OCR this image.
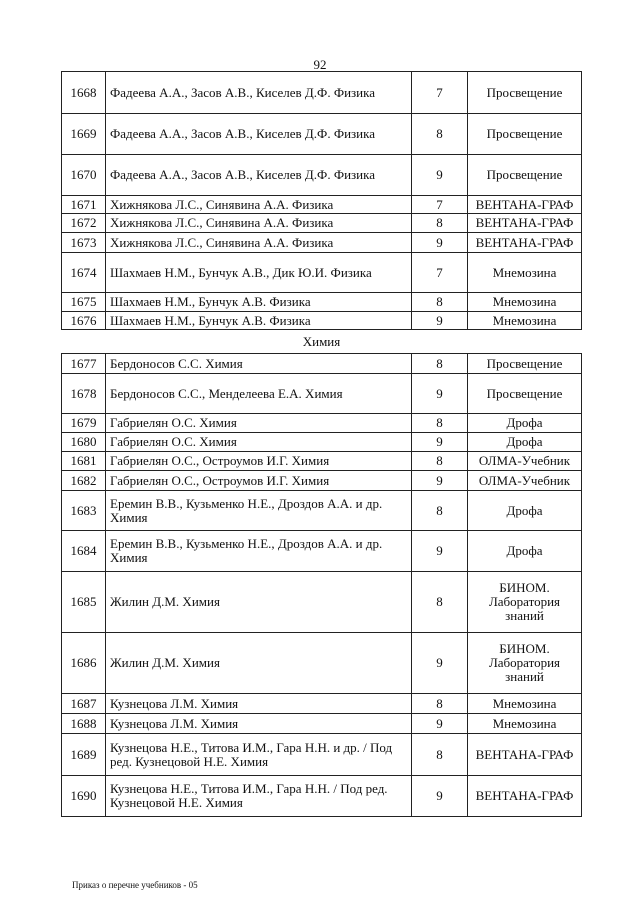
92
1668	Фадеева А.А., Засов А.В., Киселев Д.Ф. Физика	7	Просвещение
1669	Фадеева А.А., Засов А.В., Киселев Д.Ф. Физика	8	Просвещение
1670	Фадеева А.А., Засов А.В., Киселев Д.Ф. Физика	9	Просвещение
1671	Хижнякова Л.С., Синявина А.А. Физика	7	ВЕНТАНА-ГРАФ
1672	Хижнякова Л.С., Синявина А.А. Физика	8	ВЕНТАНА-ГРАФ
1673	Хижнякова Л.С., Синявина А.А. Физика	9	ВЕНТАНА-ГРАФ
1674	Шахмаев Н.М., Бунчук А.В., Дик Ю.И. Физика	7	Мнемозина
1675	Шахмаев Н.М., Бунчук А.В. Физика	8	Мнемозина
1676	Шахмаев Н.М., Бунчук А.В. Физика	9	Мнемозина
Химия			
1677	Бердоносов С.С. Химия	8	Просвещение
1678	Бердоносов С.С., Менделеева Е.А. Химия	9	Просвещение
1679	Габриелян О.С. Химия	8	Дрофа
1680	Габриелян О.С. Химия	9	Дрофа
1681	Габриелян О.С., Остроумов И.Г. Химия	8	ОЛМА-Учебник
1682	Габриелян О.С., Остроумов И.Г. Химия	9	ОЛМА-Учебник
1683	Еремин В.В., Кузьменко Н.Е., Дроздов А.А. и др. Химия	8	Дрофа
1684	Еремин В.В., Кузьменко Н.Е., Дроздов А.А. и др. Химия	9	Дрофа
1685	Жилин Д.М. Химия	8	БИНОМ. Лаборатория знаний
1686	Жилин Д.М. Химия	9	БИНОМ. Лаборатория знаний
1687	Кузнецова Л.М. Химия	8	Мнемозина
1688	Кузнецова Л.М. Химия	9	Мнемозина
1689	Кузнецова Н.Е., Титова И.М., Гара Н.Н. и др. / Под ред. Кузнецовой Н.Е. Химия	8	ВЕНТАНА-ГРАФ
1690	Кузнецова Н.Е., Титова И.М., Гара Н.Н. / Под ред. Кузнецовой Н.Е. Химия	9	ВЕНТАНА-ГРАФ
Приказ о перечне учебников - 05
